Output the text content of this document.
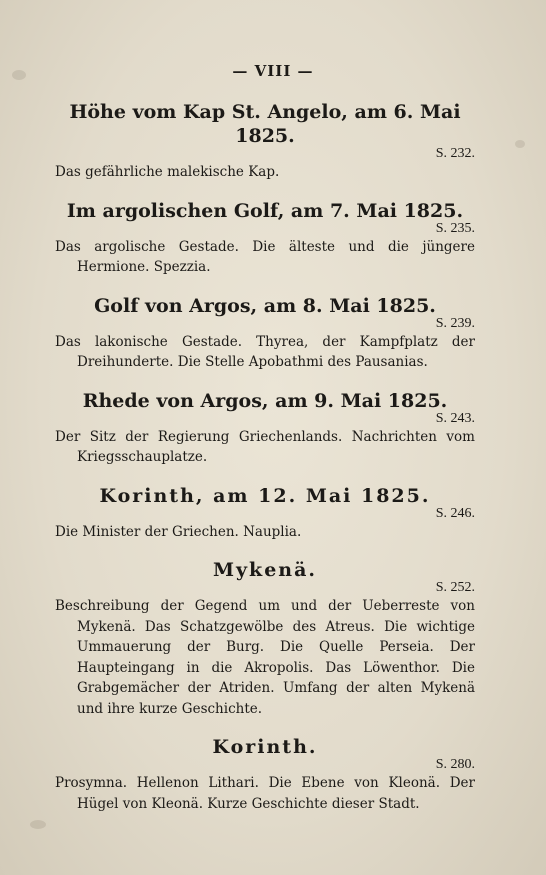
— VIII —
Höhe vom Kap St. Angelo, am 6. Mai 1825.
S. 232.
Das gefährliche malekische Kap.
Im argolischen Golf, am 7. Mai 1825.
S. 235.
Das argolische Gestade. Die älteste und die jüngere Hermione. Spezzia.
Golf von Argos, am 8. Mai 1825.
S. 239.
Das lakonische Gestade. Thyrea, der Kampfplatz der Dreihunderte. Die Stelle Apobathmi des Pausanias.
Rhede von Argos, am 9. Mai 1825.
S. 243.
Der Sitz der Regierung Griechenlands. Nachrichten vom Kriegsschauplatze.
Korinth, am 12. Mai 1825.
S. 246.
Die Minister der Griechen. Nauplia.
Mykenä.
S. 252.
Beschreibung der Gegend um und der Ueberreste von Mykenä. Das Schatzgewölbe des Atreus. Die wichtige Ummauerung der Burg. Die Quelle Perseia. Der Haupteingang in die Akropolis. Das Löwenthor. Die Grabgemächer der Atriden. Umfang der alten Mykenä und ihre kurze Geschichte.
Korinth.
S. 280.
Prosymna. Hellenon Lithari. Die Ebene von Kleonä. Der Hügel von Kleonä. Kurze Geschichte dieser Stadt.
